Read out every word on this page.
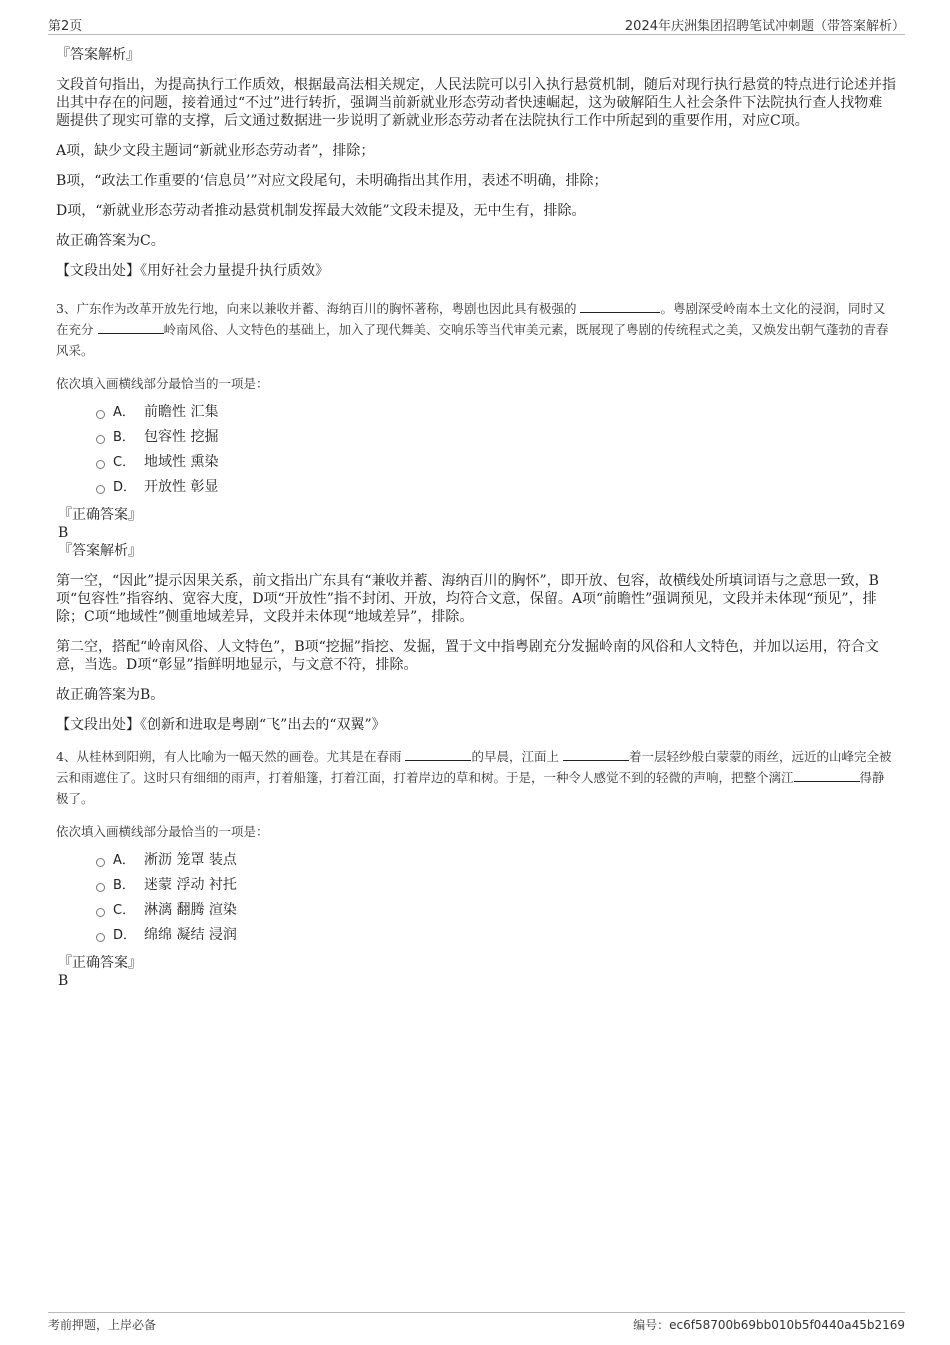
第2页	2024年庆洲集团招聘笔试冲刺题（带答案解析）

『答案解析』

文段首句指出，为提高执行工作质效，根据最高法相关规定，人民法院可以引入执行悬赏机制，随后对现行执行悬赏的特点进行论述并指出其中存在的问题，接着通过“不过”进行转折，强调当前新就业形态劳动者快速崛起，这为破解陌生人社会条件下法院执行查人找物难题提供了现实可靠的支撑，后文通过数据进一步说明了新就业形态劳动者在法院执行工作中所起到的重要作用，对应C项。

A项，缺少文段主题词“新就业形态劳动者”，排除；

B项，“政法工作重要的‘信息员’”对应文段尾句，未明确指出其作用，表述不明确，排除；

D项，“新就业形态劳动者推动悬赏机制发挥最大效能”文段未提及，无中生有，排除。

故正确答案为C。

【文段出处】《用好社会力量提升执行质效》

3、广东作为改革开放先行地，向来以兼收并蓄、海纳百川的胸怀著称，粤剧也因此具有极强的	。粤剧深受岭南本土文化的浸润，同时又在充分	岭南风俗、人文特色的基础上，加入了现代舞美、交响乐等当代审美元素，既展现了粤剧的传统程式之美，又焕发出朝气蓬勃的青春风采。

依次填入画横线部分最恰当的一项是：

A． 前瞻性 汇集
B． 包容性 挖掘
C． 地域性 熏染
D． 开放性 彰显

『正确答案』

B

『答案解析』

第一空，“因此”提示因果关系，前文指出广东具有“兼收并蓄、海纳百川的胸怀”，即开放、包容，故横线处所填词语与之意思一致，B项“包容性”指容纳、宽容大度，D项“开放性”指不封闭、开放，均符合文意，保留。A项“前瞻性”强调预见，文段并未体现“预见”，排除；C项“地域性”侧重地域差异，文段并未体现“地域差异”，排除。

第二空，搭配“岭南风俗、人文特色”，B项“挖掘”指挖、发掘，置于文中指粤剧充分发掘岭南的风俗和人文特色，并加以运用，符合文意，当选。D项“彰显”指鲜明地显示，与文意不符，排除。

故正确答案为B。

【文段出处】《创新和进取是粤剧“飞”出去的“双翼”》

4、从桂林到阳朔，有人比喻为一幅天然的画卷。尤其是在春雨	的早晨，江面上	着一层轻纱般白蒙蒙的雨丝，远近的山峰完全被云和雨遮住了。这时只有细细的雨声，打着船篷，打着江面，打着岸边的草和树。于是，一种令人感觉不到的轻微的声响，把整个漓江	得静极了。

依次填入画横线部分最恰当的一项是：

A． 淅沥 笼罩 装点
B． 迷蒙 浮动 衬托
C． 淋漓 翻腾 渲染
D． 绵绵 凝结 浸润

『正确答案』

B

考前押题，上岸必备	编号：ec6f58700b69bb010b5f0440a45b2169
